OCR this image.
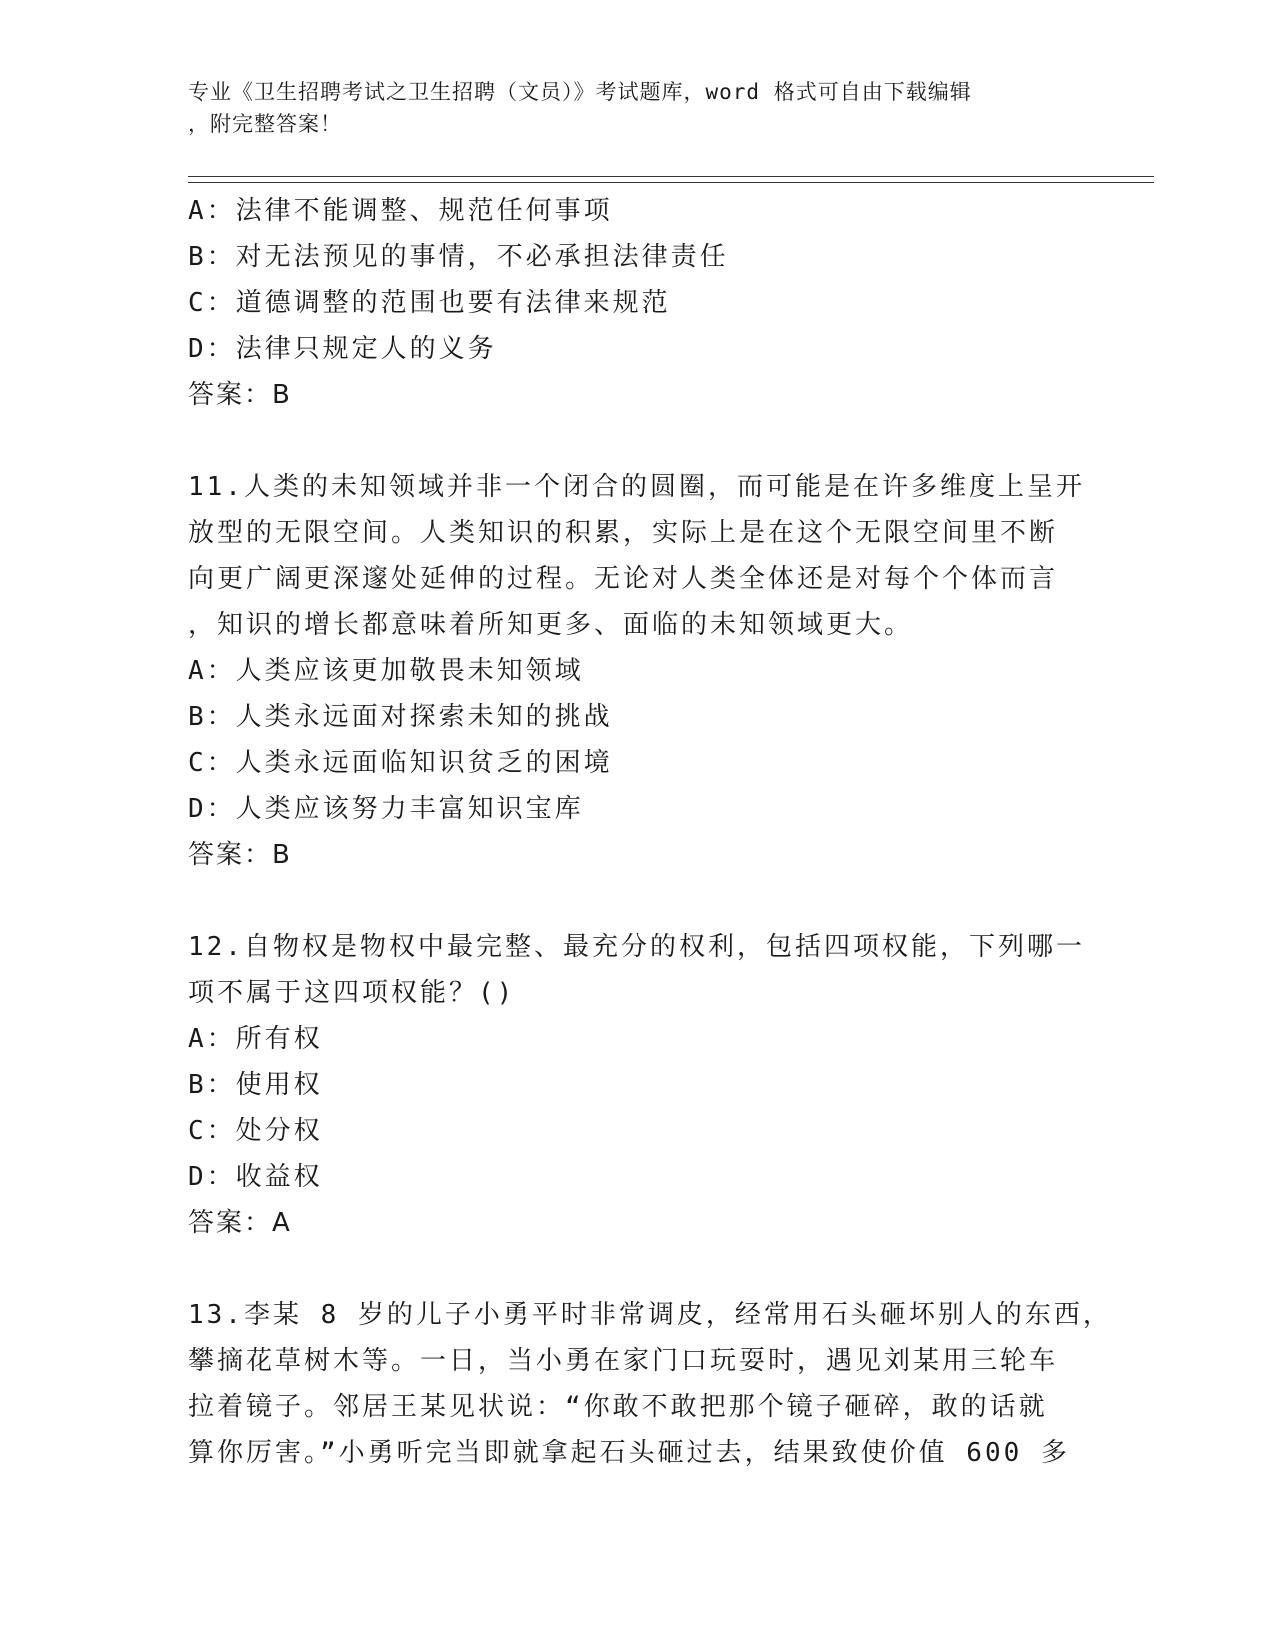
专业《卫生招聘考试之卫生招聘（文员）》考试题库，word 格式可自由下载编辑
，附完整答案！
A：法律不能调整、规范任何事项
B：对无法预见的事情，不必承担法律责任
C：道德调整的范围也要有法律来规范
D：法律只规定人的义务
答案：B
11.人类的未知领域并非一个闭合的圆圈，而可能是在许多维度上呈开
放型的无限空间。人类知识的积累，实际上是在这个无限空间里不断
向更广阔更深邃处延伸的过程。无论对人类全体还是对每个个体而言
，知识的增长都意味着所知更多、面临的未知领域更大。
A：人类应该更加敬畏未知领域
B：人类永远面对探索未知的挑战
C：人类永远面临知识贫乏的困境
D：人类应该努力丰富知识宝库
答案：B
12.自物权是物权中最完整、最充分的权利，包括四项权能，下列哪一
项不属于这四项权能？()
A：所有权
B：使用权
C：处分权
D：收益权
答案：A
13.李某 8 岁的儿子小勇平时非常调皮，经常用石头砸坏别人的东西，
攀摘花草树木等。一日，当小勇在家门口玩耍时，遇见刘某用三轮车
拉着镜子。邻居王某见状说：“你敢不敢把那个镜子砸碎，敢的话就
算你厉害。”小勇听完当即就拿起石头砸过去，结果致使价值 600 多
